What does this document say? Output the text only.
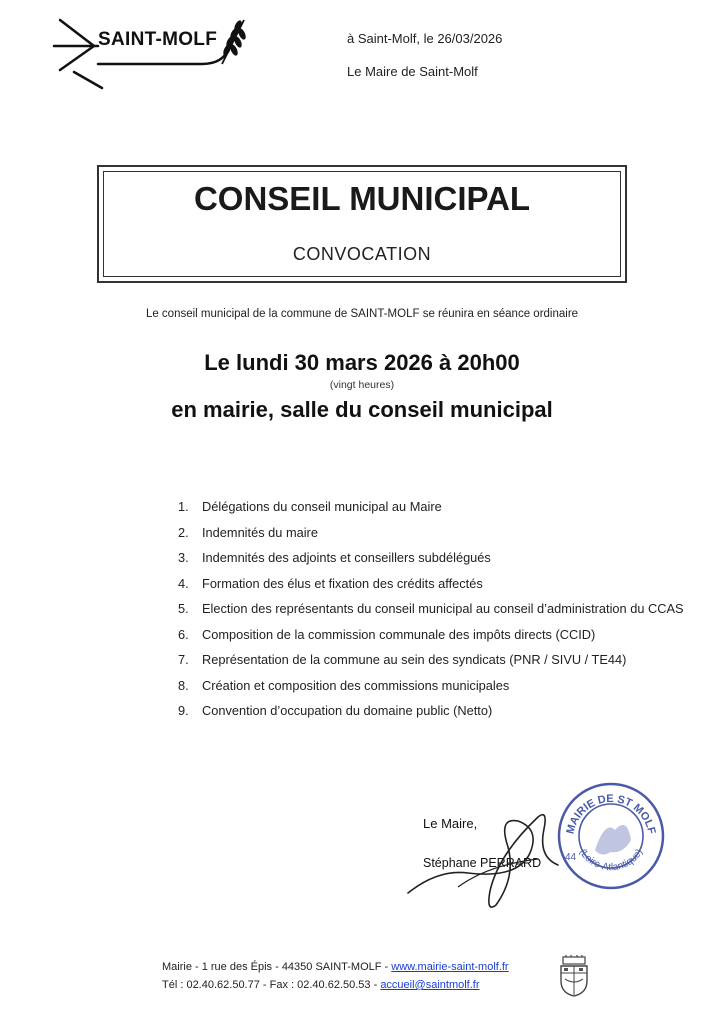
SAINT-MOLF	à Saint-Molf, le 26/03/2026
Le Maire de Saint-Molf
CONSEIL MUNICIPAL
CONVOCATION
Le conseil municipal de la commune de SAINT-MOLF se réunira en séance ordinaire
Le lundi 30 mars 2026 à 20h00
(vingt heures)
en mairie, salle du conseil municipal
1. Délégations du conseil municipal au Maire
2. Indemnités du maire
3. Indemnités des adjoints et conseillers subdélégués
4. Formation des élus et fixation des crédits affectés
5. Election des représentants du conseil municipal au conseil d’administration du CCAS
6. Composition de la commission communale des impôts directs (CCID)
7. Représentation de la commune au sein des syndicats (PNR / SIVU / TE44)
8. Création et composition des commissions municipales
9. Convention d’occupation du domaine public (Netto)
Le Maire,
Stéphane PERRARD
MAIRIE DE ST MOLF
(Loire-Atlantique)
44
Mairie - 1 rue des Épis - 44350 SAINT-MOLF - www.mairie-saint-molf.fr
Tél : 02.40.62.50.77 - Fax : 02.40.62.50.53 - accueil@saintmolf.fr
